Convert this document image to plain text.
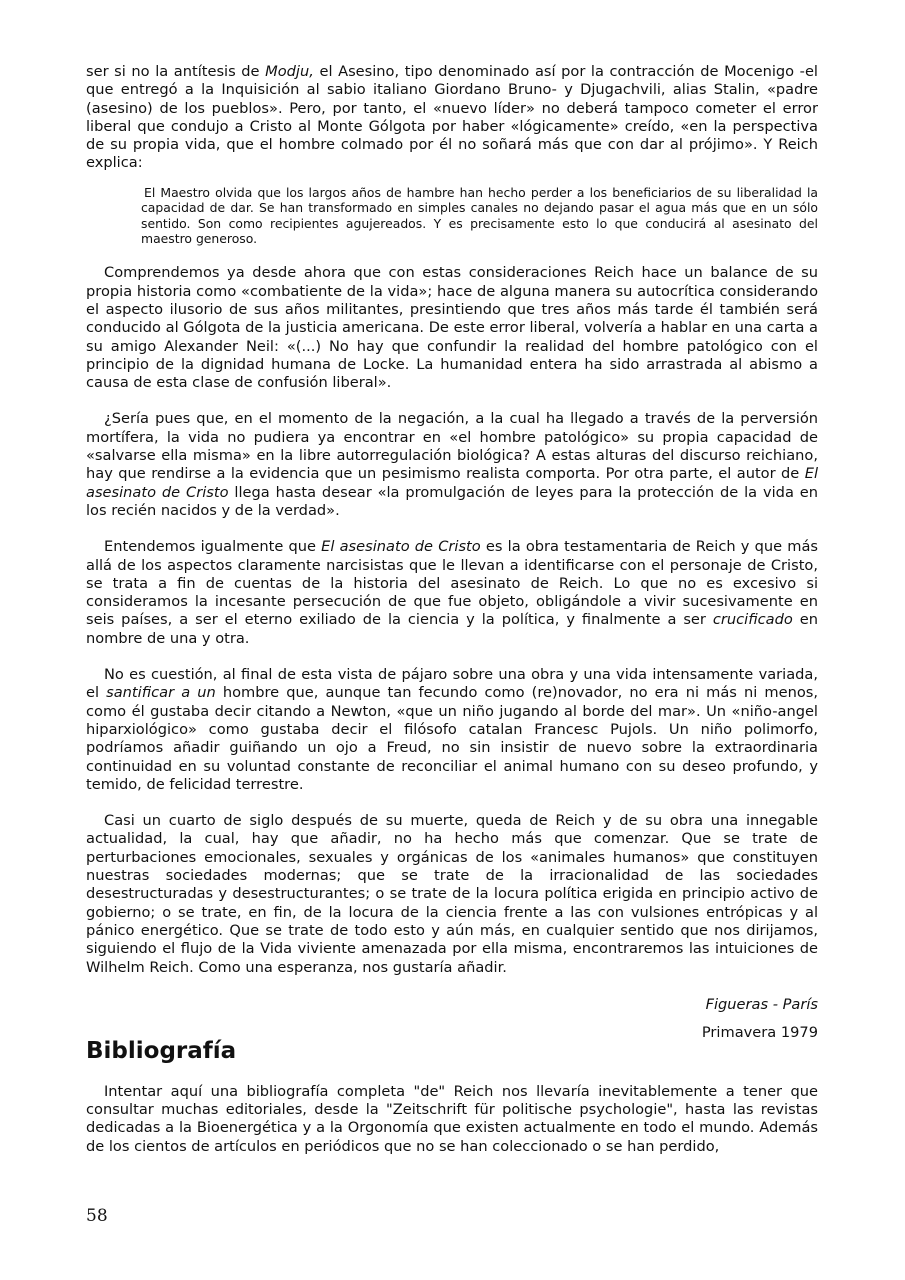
ser si no la antítesis de Modju, el Asesino, tipo denominado así por la contracción de Mocenigo -el que entregó a la Inquisición al sabio italiano Giordano Bruno- y Djugachvili, alias Stalin, «padre (asesino) de los pueblos». Pero, por tanto, el «nuevo líder» no deberá tampoco cometer el error liberal que condujo a Cristo al Monte Gólgota por haber «lógicamente» creído, «en la perspectiva de su propia vida, que el hombre colmado por él no soñará más que con dar al prójimo». Y Reich explica:

El Maestro olvida que los largos años de hambre han hecho perder a los beneficiarios de su liberalidad la capacidad de dar. Se han transformado en simples canales no dejando pasar el agua más que en un sólo sentido. Son como recipientes agujereados. Y es precisamente esto lo que conducirá al asesinato del maestro generoso.

Comprendemos ya desde ahora que con estas consideraciones Reich hace un balance de su propia historia como «combatiente de la vida»; hace de alguna manera su autocrítica considerando el aspecto ilusorio de sus años militantes, presintiendo que tres años más tarde él también será conducido al Gólgota de la justicia americana. De este error liberal, volvería a hablar en una carta a su amigo Alexander Neil: «(...) No hay que confundir la realidad del hombre patológico con el principio de la dignidad humana de Locke. La humanidad entera ha sido arrastrada al abismo a causa de esta clase de confusión liberal».

¿Sería pues que, en el momento de la negación, a la cual ha llegado a través de la perversión mortífera, la vida no pudiera ya encontrar en «el hombre patológico» su propia capacidad de «salvarse ella misma» en la libre autorregulación biológica? A estas alturas del discurso reichiano, hay que rendirse a la evidencia que un pesimismo realista comporta. Por otra parte, el autor de El asesinato de Cristo llega hasta desear «la promulgación de leyes para la protección de la vida en los recién nacidos y de la verdad».

Entendemos igualmente que El asesinato de Cristo es la obra testamentaria de Reich y que más allá de los aspectos claramente narcisistas que le llevan a identificarse con el personaje de Cristo, se trata a fin de cuentas de la historia del asesinato de Reich. Lo que no es excesivo si consideramos la incesante persecución de que fue objeto, obligándole a vivir sucesivamente en seis países, a ser el eterno exiliado de la ciencia y la política, y finalmente a ser crucificado en nombre de una y otra.

No es cuestión, al final de esta vista de pájaro sobre una obra y una vida intensamente variada, el santificar a un hombre que, aunque tan fecundo como (re)novador, no era ni más ni menos, como él gustaba decir citando a Newton, «que un niño jugando al borde del mar». Un «niño-angel hiparxiológico» como gustaba decir el filósofo catalan Francesc Pujols. Un niño polimorfo, podríamos añadir guiñando un ojo a Freud, no sin insistir de nuevo sobre la extraordinaria continuidad en su voluntad constante de reconciliar el animal humano con su deseo profundo, y temido, de felicidad terrestre.

Casi un cuarto de siglo después de su muerte, queda de Reich y de su obra una innegable actualidad, la cual, hay que añadir, no ha hecho más que comenzar. Que se trate de perturbaciones emocionales, sexuales y orgánicas de los «animales humanos» que constituyen nuestras sociedades modernas; que se trate de la irracionalidad de las sociedades desestructuradas y desestructurantes; o se trate de la locura política erigida en principio activo de gobierno; o se trate, en fin, de la locura de la ciencia frente a las con vulsiones entrópicas y al pánico energético. Que se trate de todo esto y aún más, en cualquier sentido que nos dirijamos, siguiendo el flujo de la Vida viviente amenazada por ella misma, encontraremos las intuiciones de Wilhelm Reich. Como una esperanza, nos gustaría añadir.

Figueras - París
Primavera 1979
Bibliografía

Intentar aquí una bibliografía completa "de" Reich nos llevaría inevitablemente a tener que consultar muchas editoriales, desde la "Zeitschrift für politische psychologie", hasta las revistas dedicadas a la Bioenergética y a la Orgonomía que existen actualmente en todo el mundo. Además de los cientos de artículos en periódicos que no se han coleccionado o se han perdido,

58
